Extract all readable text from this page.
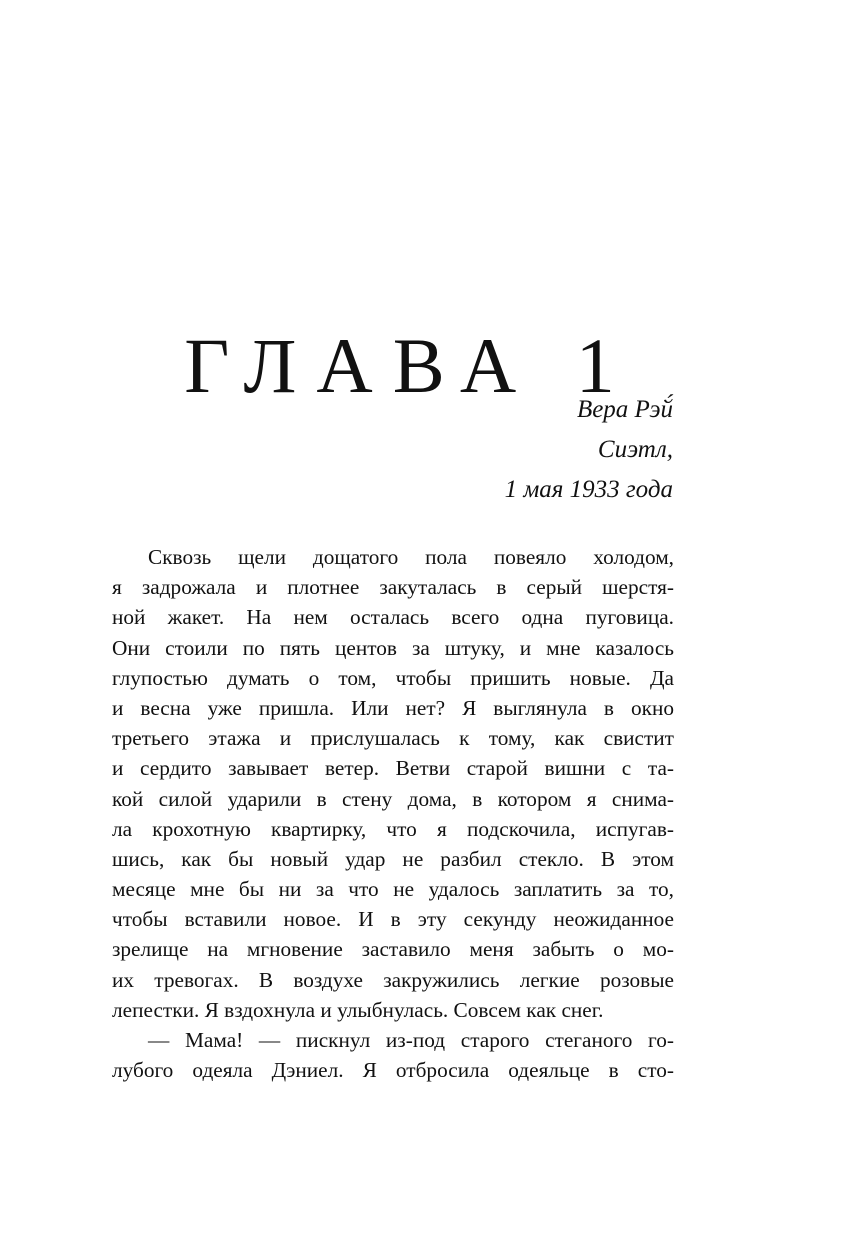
ГЛАВА 1
Вера Рэй́
Сиэтл,
1 мая 1933 года
Сквозь щели дощатого пола повеяло холодом,
я задрожала и плотнее закуталась в серый шерстя-
ной жакет. На нем осталась всего одна пуговица.
Они стоили по пять центов за штуку, и мне казалось
глупостью думать о том, чтобы пришить новые. Да
и весна уже пришла. Или нет? Я выглянула в окно
третьего этажа и прислушалась к тому, как свистит
и сердито завывает ветер. Ветви старой вишни с та-
кой силой ударили в стену дома, в котором я снима-
ла крохотную квартирку, что я подскочила, испугав-
шись, как бы новый удар не разбил стекло. В этом
месяце мне бы ни за что не удалось заплатить за то,
чтобы вставили новое. И в эту секунду неожиданное
зрелище на мгновение заставило меня забыть о мо-
их тревогах. В воздухе закружились легкие розовые
лепестки. Я вздохнула и улыбнулась. Совсем как снег.
— Мама! — пискнул из-под старого стеганого го-
лубого одеяла Дэниел. Я отбросила одеяльце в сто-
